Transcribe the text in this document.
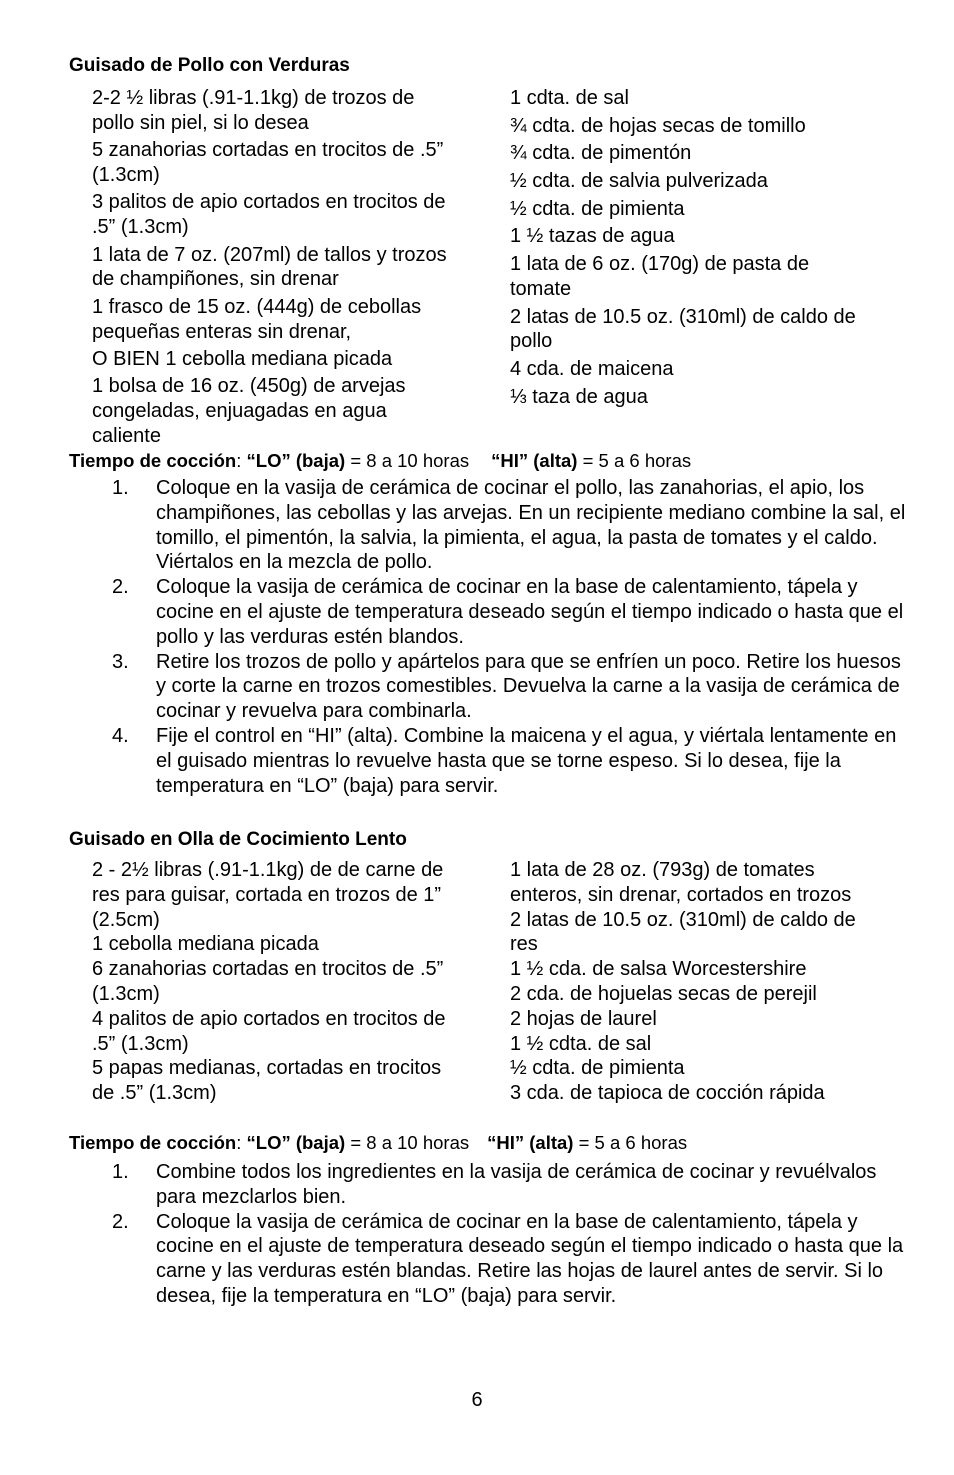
Guisado de Pollo con Verduras
2-2 ½ libras (.91-1.1kg) de trozos de pollo sin piel, si lo desea
5 zanahorias cortadas en trocitos de .5” (1.3cm)
3 palitos de apio cortados en trocitos de .5” (1.3cm)
1 lata de 7 oz. (207ml) de tallos y trozos de champiñones, sin drenar
1 frasco de 15 oz. (444g) de cebollas pequeñas enteras sin drenar,
O BIEN 1 cebolla mediana picada
1 bolsa de 16 oz. (450g) de arvejas congeladas, enjuagadas en agua caliente
1 cdta. de sal
¾ cdta. de hojas secas de tomillo
¾ cdta. de pimentón
½ cdta. de salvia pulverizada
½ cdta. de pimienta
1 ½ tazas de agua
1 lata de 6 oz. (170g) de pasta de tomate
2 latas de 10.5 oz. (310ml) de caldo de pollo
4 cda. de maicena
⅓ taza de agua
Tiempo de cocción: “LO” (baja) = 8 a 10 horas “HI” (alta) = 5 a 6 horas
1. Coloque en la vasija de cerámica de cocinar el pollo, las zanahorias, el apio, los champiñones, las cebollas y las arvejas. En un recipiente mediano combine la sal, el tomillo, el pimentón, la salvia, la pimienta, el agua, la pasta de tomates y el caldo. Viértalos en la mezcla de pollo.
2. Coloque la vasija de cerámica de cocinar en la base de calentamiento, tápela y cocine en el ajuste de temperatura deseado según el tiempo indicado o hasta que el pollo y las verduras estén blandos.
3. Retire los trozos de pollo y apártelos para que se enfríen un poco. Retire los huesos y corte la carne en trozos comestibles. Devuelva la carne a la vasija de cerámica de cocinar y revuelva para combinarla.
4. Fije el control en “HI” (alta). Combine la maicena y el agua, y viértala lentamente en el guisado mientras lo revuelve hasta que se torne espeso. Si lo desea, fije la temperatura en “LO” (baja) para servir.
Guisado en Olla de Cocimiento Lento
2 - 2½ libras (.91-1.1kg) de de carne de res para guisar, cortada en trozos de 1” (2.5cm)
1 cebolla mediana picada
6 zanahorias cortadas en trocitos de .5” (1.3cm)
4 palitos de apio cortados en trocitos de .5” (1.3cm)
5 papas medianas, cortadas en trocitos de .5” (1.3cm)
1 lata de 28 oz. (793g) de tomates enteros, sin drenar, cortados en trozos
2 latas de 10.5 oz. (310ml) de caldo de res
1 ½ cda. de salsa Worcestershire
2 cda. de hojuelas secas de perejil
2 hojas de laurel
1 ½ cdta. de sal
½ cdta. de pimienta
3 cda. de tapioca de cocción rápida
Tiempo de cocción: “LO” (baja) = 8 a 10 horas “HI” (alta) = 5 a 6 horas
1. Combine todos los ingredientes en la vasija de cerámica de cocinar y revuélvalos para mezclarlos bien.
2. Coloque la vasija de cerámica de cocinar en la base de calentamiento, tápela y cocine en el ajuste de temperatura deseado según el tiempo indicado o hasta que la carne y las verduras estén blandas. Retire las hojas de laurel antes de servir. Si lo desea, fije la temperatura en “LO” (baja) para servir.
6
